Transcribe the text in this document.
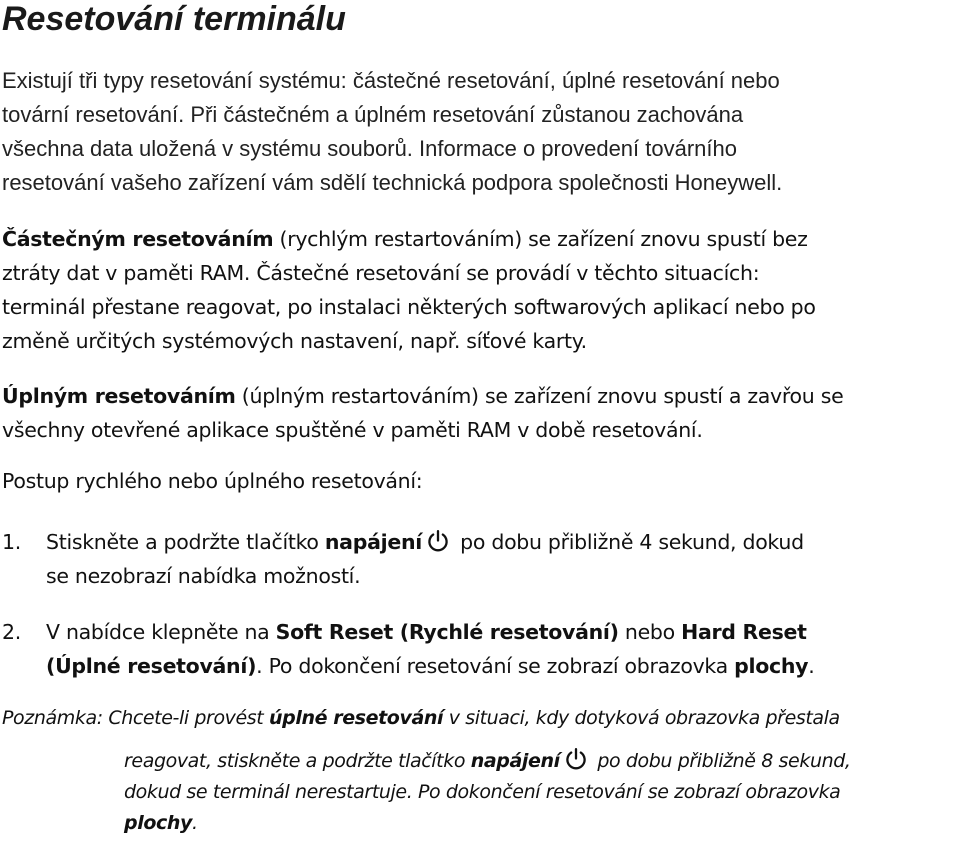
Resetování terminálu
Existují tři typy resetování systému: částečné resetování, úplné resetování nebo
tovární resetování. Při částečném a úplném resetování zůstanou zachována
všechna data uložená v systému souborů. Informace o provedení továrního
resetování vašeho zařízení vám sdělí technická podpora společnosti Honeywell.
Částečným resetováním (rychlým restartováním) se zařízení znovu spustí bez
ztráty dat v paměti RAM. Částečné resetování se provádí v těchto situacích:
terminál přestane reagovat, po instalaci některých softwarových aplikací nebo po
změně určitých systémových nastavení, např. síťové karty.
Úplným resetováním (úplným restartováním) se zařízení znovu spustí a zavřou se
všechny otevřené aplikace spuštěné v paměti RAM v době resetování.
Postup rychlého nebo úplného resetování:
1. Stiskněte a podržte tlačítko napájení
po dobu přibližně 4 sekund, dokud
se nezobrazí nabídka možností.
2. V nabídce klepněte na Soft Reset (Rychlé resetování) nebo Hard Reset
(Úplné resetování). Po dokončení resetování se zobrazí obrazovka plochy.
Poznámka: Chcete-li provést úplné resetování v situaci, kdy dotyková obrazovka přestala
reagovat, stiskněte a podržte tlačítko napájení
po dobu přibližně 8 sekund,
dokud se terminál nerestartuje. Po dokončení resetování se zobrazí obrazovka
plochy.
